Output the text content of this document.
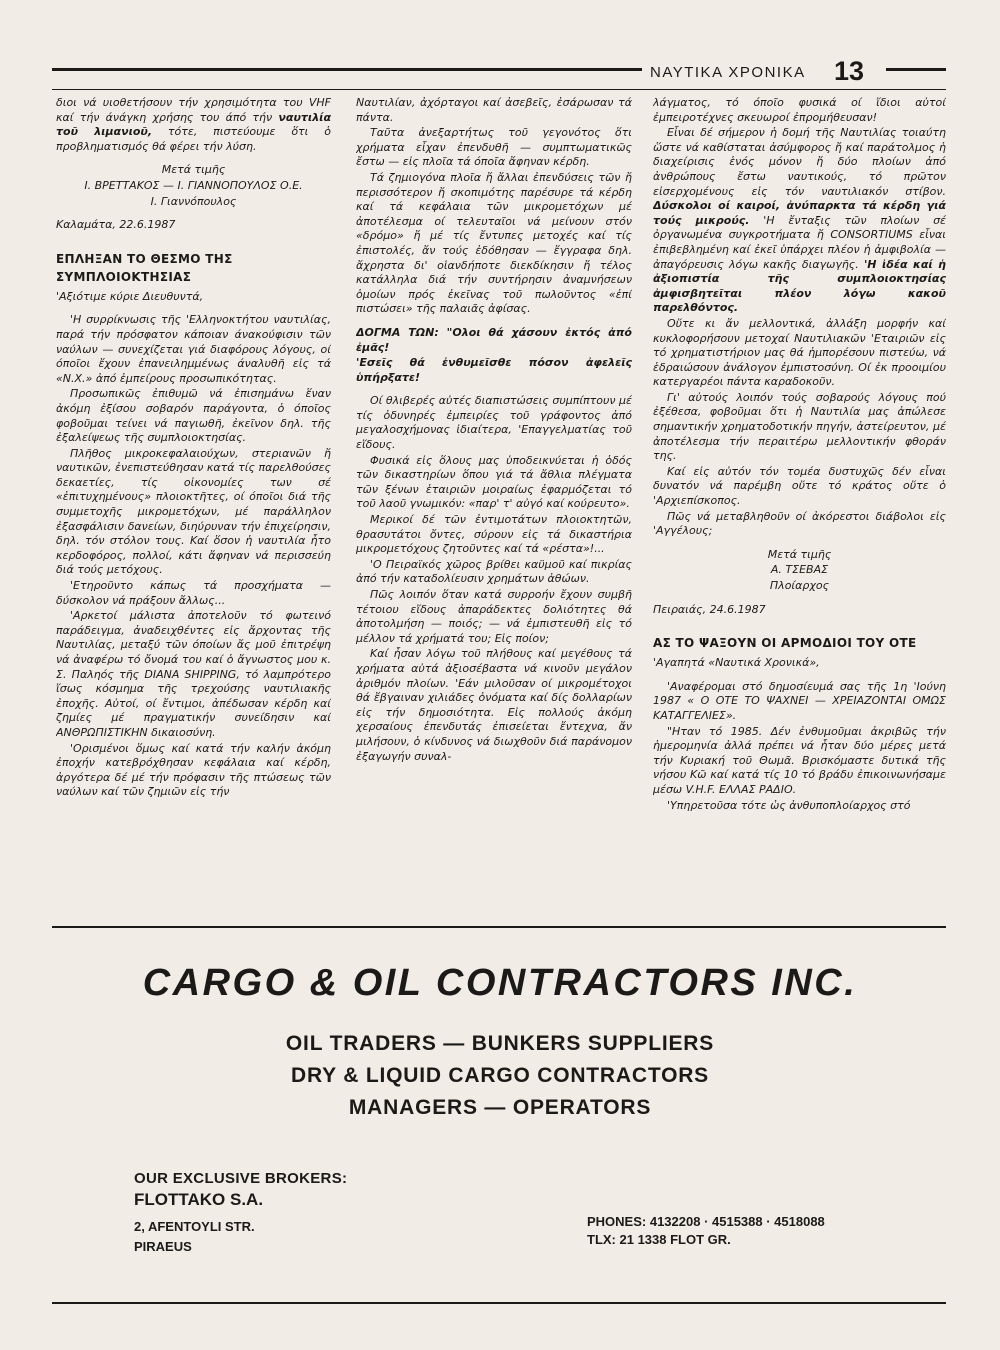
ΝΑΥΤΙΚΑ ΧΡΟΝΙΚΑ 13

διοι νά υιοθετήσουν τήν χρησιμότητα του VHF καί τήν άνάγκη χρήσης του άπό τήν ναυτιλία τοῦ λιμανιοῦ, τότε, πιστεύουμε ὅτι ὁ προβληματισμός θά φέρει τήν λύση.

Μετά τιμῆς

Ι. ΒΡΕΤΤΑΚΟΣ — Ι. ΓΙΑΝΝΟΠΟΥΛΟΣ Ο.Ε.

Ι. Γιαννόπουλος

Καλαμάτα, 22.6.1987

ΕΠΛΗΞΑΝ ΤΟ ΘΕΣΜΟ ΤΗΣ ΣΥΜΠΛΟΙΟΚΤΗΣΙΑΣ

'Αξιότιμε κύριε Διευθυντά,

'Η συρρίκνωσις τῆς 'Ελληνοκτήτου ναυτιλίας, παρά τήν πρόσφατον κάποιαν άνακούφισιν τῶν ναύλων — συνεχίζεται γιά διαφόρους λόγους, οί όποῖοι ἔχουν ἐπανειλημμένως άναλυθῆ εἰς τά «Ν.Χ.» ἀπό ἐμπείρους προσωπικότητας.

Προσωπικῶς ἐπιθυμῶ νά ἐπισημάνω ἕναν ἀκόμη ἐξίσου σοβαρόν παράγοντα, ὁ όποῖος φοβοῦμαι τείνει νά παγιωθῆ, ἐκεῖνον δηλ. τῆς ἐξαλείψεως τῆς συμπλοιοκτησίας.

Πλῆθος μικροκεφαλαιούχων, στεριανῶν ἤ ναυτικῶν, ἐνεπιστεύθησαν κατά τίς παρελθούσες δεκαετίες, τίς οἰκονομίες των σέ «ἐπιτυχημένους» πλοιοκτῆτες, οί όποῖοι διά τῆς συμμετοχῆς μικρομετόχων, μέ παράλληλον ἐξασφάλισιν δανείων, διηύρυναν τήν ἐπιχείρησιν, δηλ. τόν στόλον τους. Καί ὅσον ἡ ναυτιλία ἦτο κερδοφόρος, πολλοί, κάτι ἄφηναν νά περισσεύη διά τούς μετόχους.

'Ετηροῦντο κάπως τά προσχήματα — δύσκολον νά πράξουν ἄλλως...

'Αρκετοί μάλιστα ἀποτελοῦν τό φωτεινό παράδειγμα, ἀναδειχθέντες εἰς ἄρχοντας τῆς Ναυτιλίας, μεταξύ τῶν όποίων ἄς μοῦ ἐπιτρέψη νά ἀναφέρω τό ὄνομά του καί ὁ ἄγνωστος μου κ. Σ. Παληός τῆς DIANA SHIPPING, τό λαμπρότερο ἴσως κόσμημα τῆς τρεχούσης ναυτιλιακῆς ἐποχῆς. Αὐτοί, οί ἔντιμοι, ἀπέδωσαν κέρδη καί ζημίες μέ πραγματικήν συνείδησιν καί ΑΝΘΡΩΠΙΣΤΙΚΗΝ δικαιοσύνη.

'Ορισμένοι ὅμως καί κατά τήν καλήν ἀκόμη ἐποχήν κατεβρόχθησαν κεφάλαια καί κέρδη, ἀργότερα δέ μέ τήν πρόφασιν τῆς πτώσεως τῶν ναύλων καί τῶν ζημιῶν εἰς τήν

Ναυτιλίαν, ἀχόρταγοι καί ἀσεβεῖς, ἐσάρωσαν τά πάντα.

Ταῦτα ἀνεξαρτήτως τοῦ γεγονότος ὅτι χρήματα εἶχαν ἐπενδυθῆ — συμπτωματικῶς ἔστω — εἰς πλοῖα τά όποῖα ἄφηναν κέρδη.

Τά ζημιογόνα πλοῖα ἤ ἄλλαι ἐπενδύσεις τῶν ἤ περισσότερον ἤ σκοπιμότης παρέσυρε τά κέρδη καί τά κεφάλαια τῶν μικρομετόχων μέ ἀποτέλεσμα οί τελευταῖοι νά μείνουν στόν «δρόμο» ἤ μέ τίς ἔντυπες μετοχές καί τίς ἐπιστολές, ἄν τούς ἐδόθησαν — ἔγγραφα δηλ. ἄχρηστα δι' οἱανδήποτε διεκδίκησιν ἤ τέλος κατάλληλα διά τήν συντήρησιν ἀναμνήσεων ὁμοίων πρός ἐκεῖνας τοῦ πωλοῦντος «ἐπί πιστώσει» τῆς παλαιᾶς ἀφίσας.

ΔΟΓΜΑ ΤΩΝ: "Ολοι θά χάσουν ἐκτός ἀπό ἐμᾶς!

'Εσεῖς θά ἐνθυμεῖσθε πόσον ἀφελεῖς ὑπήρξατε!

Οί θλιβερές αὐτές διαπιστώσεις συμπίπτουν μέ τίς ὀδυνηρές ἐμπειρίες τοῦ γράφοντος ἀπό μεγαλοσχήμονας ἰδιαίτερα, 'Επαγγελματίας τοῦ εἴδους.

Φυσικά εἰς ὅλους μας ὑποδεικνύεται ἡ ὁδός τῶν δικαστηρίων ὅπου γιά τά ἄθλια πλέγματα τῶν ξένων ἑταιριῶν μοιραίως ἐφαρμόζεται τό τοῦ λαοῦ γνωμικόν: «παρ' τ' αὐγό καί κούρευτο».

Μερικοί δέ τῶν ἐντιμοτάτων πλοιοκτητῶν, θρασυτάτοι ὄντες, σύρουν εἰς τά δικαστήρια μικρομετόχους ζητοῦντες καί τά «ρέστα»!...

'Ο Πειραϊκός χῶρος βρίθει καϋμοῦ καί πικρίας ἀπό τήν καταδολίευσιν χρημάτων ἀθώων.

Πῶς λοιπόν ὅταν κατά συρροήν ἔχουν συμβῆ τέτοιου εἴδους ἀπαράδεκτες δολιότητες θά ἀποτολμήση — ποιός; — νά ἐμπιστευθῆ εἰς τό μέλλον τά χρήματά του; Εἰς ποίον;

Καί ἦσαν λόγω τοῦ πλήθους καί μεγέθους τά χρήματα αὐτά ἀξιοσέβαστα νά κινοῦν μεγάλον ἀριθμόν πλοίων. 'Εάν μιλοῦσαν οί μικρομέτοχοι θά ἔβγαιναν χιλιάδες ὀνόματα καί δίς δολλαρίων εἰς τήν δημοσιότητα. Εἰς πολλούς ἀκόμη χερσαίους ἐπενδυτάς ἐπισείεται ἔντεχνα, ἄν μιλήσουν, ὁ κίνδυνος νά διωχθοῦν διά παράνομον ἐξαγωγήν συναλ-

λάγματος, τό όποῖο φυσικά οί ἴδιοι αὐτοί ἐμπειροτέχνες σκευωροί ἐπρομήθευσαν!

Εἶναι δέ σήμερον ἡ δομή τῆς Ναυτιλίας τοιαύτη ὥστε νά καθίσταται ἀσύμφορος ἤ καί παράτολμος ἡ διαχείρισις ἑνός μόνον ἤ δύο πλοίων ἀπό ἀνθρώπους ἔστω ναυτικούς, τό πρῶτον εἰσερχομένους εἰς τόν ναυτιλιακόν στίβον. Δύσκολοι οί καιροί, ἀνύπαρκτα τά κέρδη γιά τούς μικρούς. 'Η ἔνταξις τῶν πλοίων σέ ὀργανωμένα συγκροτήματα ἤ CONSORTIUMS εἶναι ἐπιβεβλημένη καί ἐκεῖ ὑπάρχει πλέον ἡ ἀμφιβολία — ἀπαγόρευσις λόγω κακῆς διαγωγῆς. 'Η ἰδέα καί ἡ ἀξιοπιστία τῆς συμπλοιοκτησίας ἀμφισβητεῖται πλέον λόγω κακοῦ παρελθόντος.

Οὔτε κι ἄν μελλοντικά, ἀλλάξη μορφήν καί κυκλοφορήσουν μετοχαί Ναυτιλιακῶν 'Εταιριῶν εἰς τό χρηματιστήριον μας θά ἠμπορέσουν πιστεύω, νά ἑδραιώσουν ἀνάλογον ἐμπιστοσύνη. Οί ἐκ προοιμίου κατεργαρέοι πάντα καραδοκοῦν.

Γι' αὐτούς λοιπόν τούς σοβαρούς λόγους πού ἐξέθεσα, φοβοῦμαι ὅτι ἡ Ναυτιλία μας ἀπώλεσε σημαντικήν χρηματοδοτικήν πηγήν, ἀστείρευτον, μέ ἀποτέλεσμα τήν περαιτέρω μελλοντικήν φθοράν της.

Καί εἰς αὐτόν τόν τομέα δυστυχῶς δέν εἶναι δυνατόν νά παρέμβη οὔτε τό κράτος οὔτε ὁ 'Αρχιεπίσκοπος.

Πῶς νά μεταβληθοῦν οί ἀκόρεστοι διάβολοι εἰς 'Αγγέλους;

Μετά τιμῆς

Α. ΤΣΕΒΑΣ

Πλοίαρχος

Πειραιάς, 24.6.1987

ΑΣ ΤΟ ΨΑΞΟΥΝ ΟΙ ΑΡΜΟΔΙΟΙ ΤΟΥ ΟΤΕ

'Αγαπητά «Ναυτικά Χρονικά»,

'Αναφέρομαι στό δημοσίευμά σας τῆς 1η 'Ιούνη 1987 « Ο ΟΤΕ ΤΟ ΨΑΧΝΕΙ — ΧΡΕΙΑΖΟΝΤΑΙ ΟΜΩΣ ΚΑΤΑΓΓΕΛΙΕΣ».

"Ηταν τό 1985. Δέν ἐνθυμοῦμαι ἀκριβῶς τήν ἡμερομηνία ἀλλά πρέπει νά ἦταν δύο μέρες μετά τήν Κυριακή τοῦ Θωμᾶ. Βρισκόμαστε δυτικά τῆς νήσου Κῶ καί κατά τίς 10 τό βράδυ ἐπικοινωνήσαμε μέσω V.H.F. ΕΛΛΑΣ ΡΑΔΙΟ.

'Υπηρετοῦσα τότε ὡς ἀνθυποπλοίαρχος στό

CARGO & OIL CONTRACTORS INC.
OIL TRADERS — BUNKERS SUPPLIERS
DRY & LIQUID CARGO CONTRACTORS
MANAGERS — OPERATORS
OUR EXCLUSIVE BROKERS:
FLOTTAKO S.A.
2, AFENTOYLI STR.
PIRAEUS
PHONES: 4132208 · 4515388 · 4518088
TLX: 21 1338 FLOT GR.
